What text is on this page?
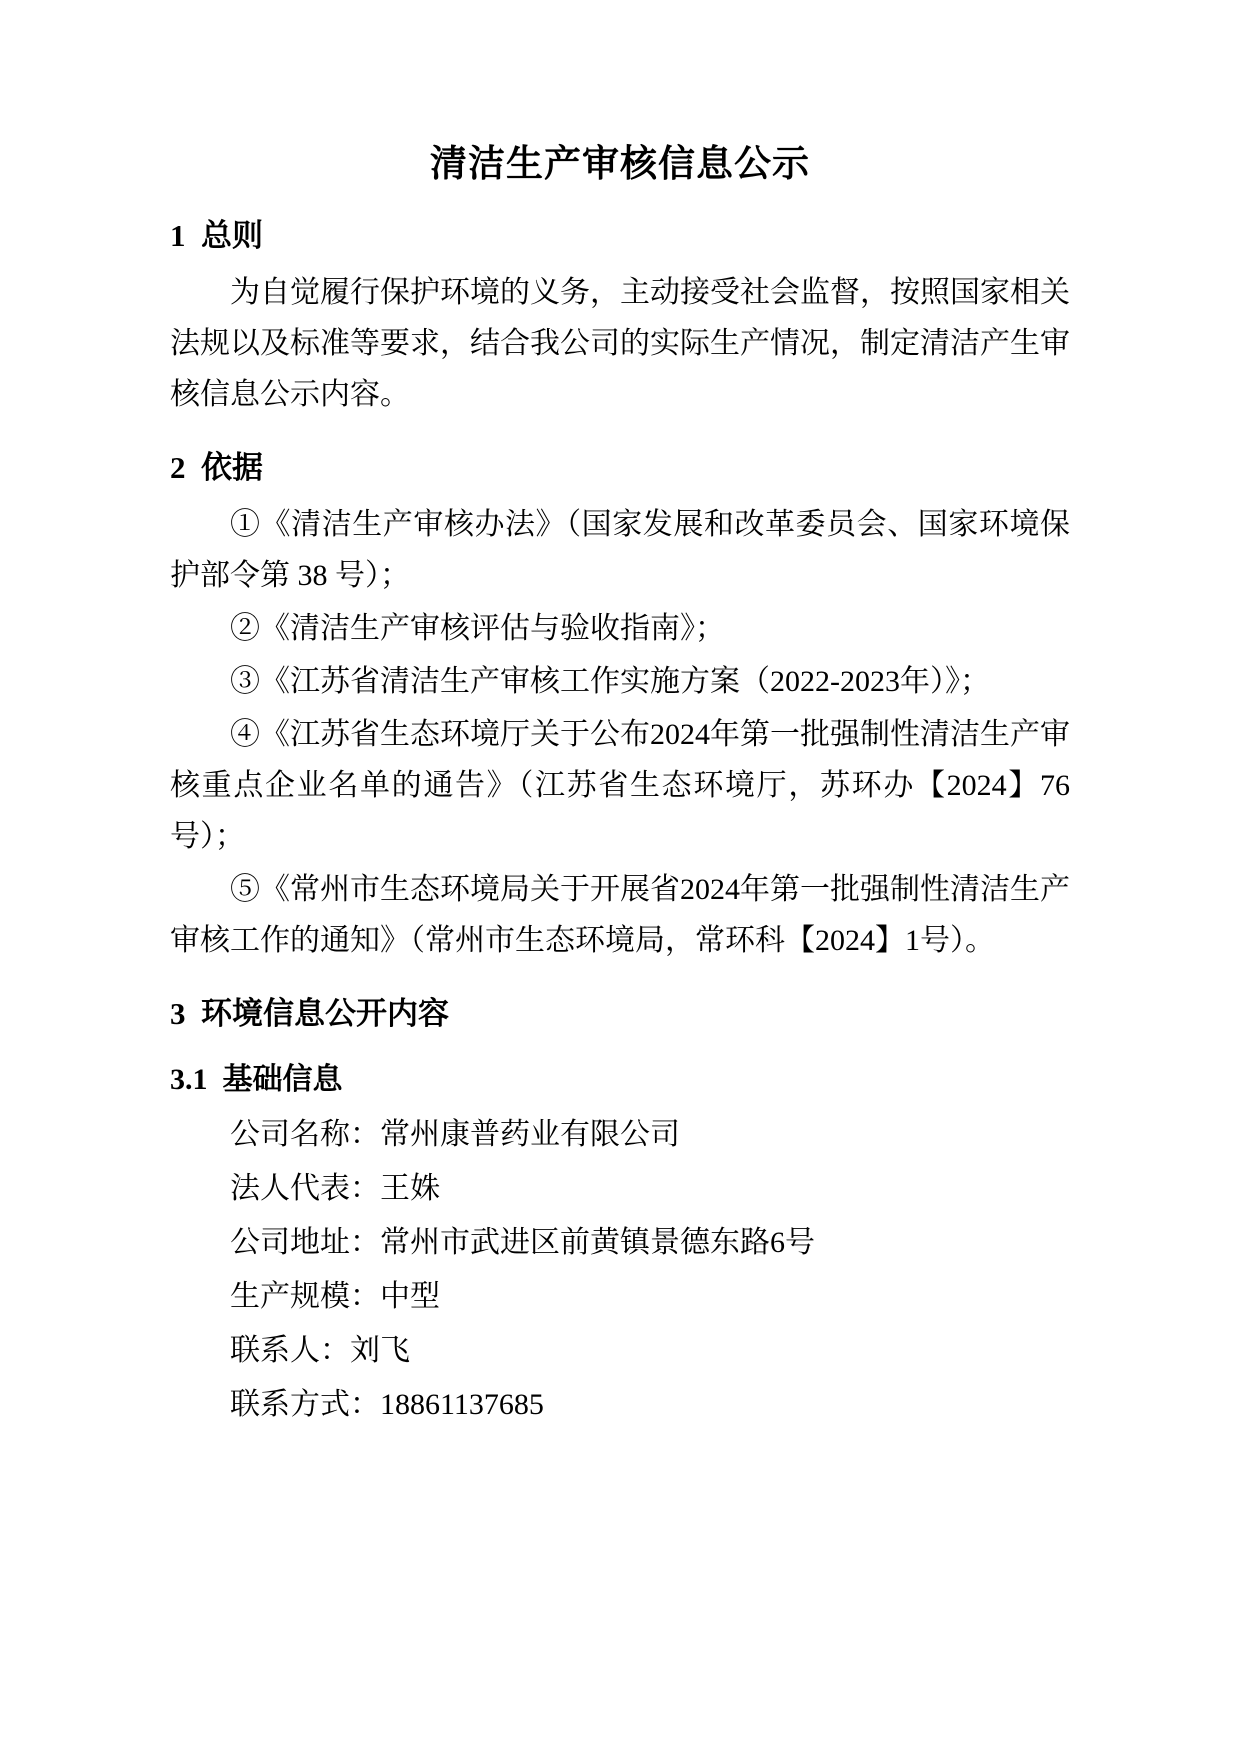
清洁生产审核信息公示
1  总则

为自觉履行保护环境的义务，主动接受社会监督，按照国家相关法规以及标准等要求，结合我公司的实际生产情况，制定清洁产生审核信息公示内容。

2  依据

①《清洁生产审核办法》（国家发展和改革委员会、国家环境保护部令第 38 号）；

②《清洁生产审核评估与验收指南》；

③《江苏省清洁生产审核工作实施方案（2022-2023年）》；

④《江苏省生态环境厅关于公布2024年第一批强制性清洁生产审核重点企业名单的通告》（江苏省生态环境厅，苏环办【2024】76 号）；

⑤《常州市生态环境局关于开展省2024年第一批强制性清洁生产审核工作的通知》（常州市生态环境局，常环科【2024】1号）。

3  环境信息公开内容
3.1  基础信息

公司名称：常州康普药业有限公司

法人代表：王姝

公司地址：常州市武进区前黄镇景德东路6号

生产规模：中型

联系人：刘飞

联系方式：18861137685
